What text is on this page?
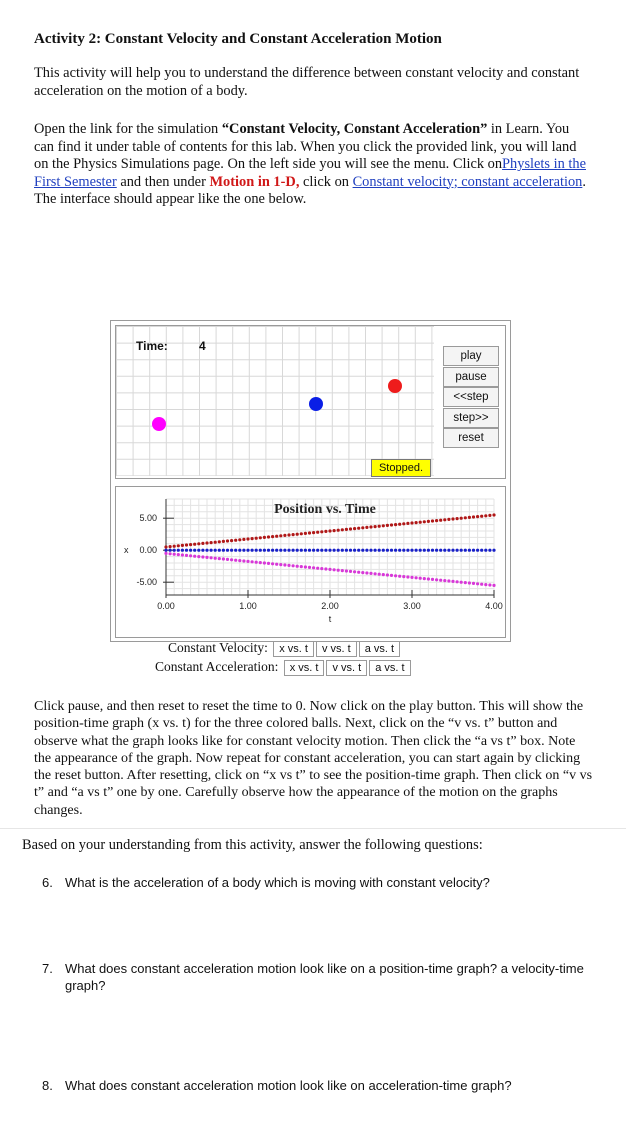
Activity 2: Constant Velocity and Constant Acceleration Motion

This activity will help you to understand the difference between constant velocity and constant acceleration on the motion of a body.

Open the link for the simulation “Constant Velocity, Constant Acceleration” in Learn. You can find it under table of contents for this lab. When you click the provided link, you will land on the Physics Simulations page. On the left side you will see the menu. Click onPhyslets in the First Semester and then under Motion in 1-D, click on Constant velocity; constant acceleration. The interface should appear like the one below.

Time:	4
play
pause
<<step
step>>
reset
Stopped.
0.00	1.00	2.00	3.00	4.00
5.00
0.00
-5.00
t
x
Position vs. Time
Constant Velocity: x vs. t v vs. t a vs. t
Constant Acceleration: x vs. t v vs. t a vs. t

Click pause, and then reset to reset the time to 0. Now click on the play button. This will show the position-time graph (x vs. t) for the three colored balls. Next, click on the “v vs. t” button and observe what the graph looks like for constant velocity motion. Then click the “a vs t” box. Note the appearance of the graph. Now repeat for constant acceleration, you can start again by clicking the reset button. After resetting, click on “x vs t” to see the position-time graph. Then click on “v vs t” and “a vs t” one by one. Carefully observe how the appearance of the motion on the graphs changes.

Based on your understanding from this activity, answer the following questions:
6. What is the acceleration of a body which is moving with constant velocity?
7. What does constant acceleration motion look like on a position-time graph? a velocity-time graph?
8. What does constant acceleration motion look like on acceleration-time graph?
